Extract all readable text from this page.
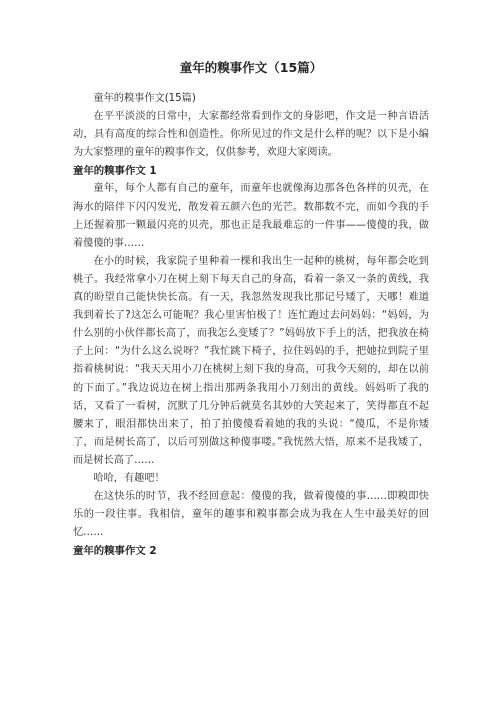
童年的糗事作文（15篇）

童年的糗事作文(15篇)

在平平淡淡的日常中，大家都经常看到作文的身影吧，作文是一种言语活动，具有高度的综合性和创造性。你所见过的作文是什么样的呢？以下是小编为大家整理的童年的糗事作文，仅供参考，欢迎大家阅读。

童年的糗事作文 1

童年，每个人都有自己的童年，而童年也就像海边那各色各样的贝壳，在海水的陪伴下闪闪发光，散发着五颜六色的光芒。数都数不完，而如今我的手上还握着那一颗最闪亮的贝壳，那也正是我最难忘的一件事——傻傻的我，做着傻傻的事……

在小的时候，我家院子里种着一棵和我出生一起种的桃树，每年都会吃到桃子。我经常拿小刀在树上刻下每天自己的身高，看着一条又一条的黄线，我真的盼望自己能快快长高。有一天，我忽然发现我比那记号矮了，天哪！难道我到着长了?这怎么可能呢？我心里害怕极了！连忙跑过去问妈妈：“妈妈，为什么别的小伙伴都长高了，而我怎么变矮了？”妈妈放下手上的活，把我放在椅子上问：“为什么这么说呀？”我忙跳下椅子，拉住妈妈的手，把她拉到院子里指着桃树说：“我天天用小刀在桃树上刻下我的身高，可我今天刻的，却在以前的下面了。”我边说边在树上指出那两条我用小刀刻出的黄线。妈妈听了我的话，又看了一看树，沉默了几分钟后就莫名其妙的大笑起来了，笑得都直不起腰来了，眼泪都快出来了，拍了拍傻傻看着她的我的头说：“傻瓜，不是你矮了，而是树长高了，以后可别做这种傻事喽。”我恍然大悟，原来不是我矮了，而是树长高了……

哈哈，有趣吧！

在这快乐的时节，我不经回意起：傻傻的我，做着傻傻的事……即糗即快乐的一段往事。我相信，童年的趣事和糗事都会成为我在人生中最美好的回忆……

童年的糗事作文 2
